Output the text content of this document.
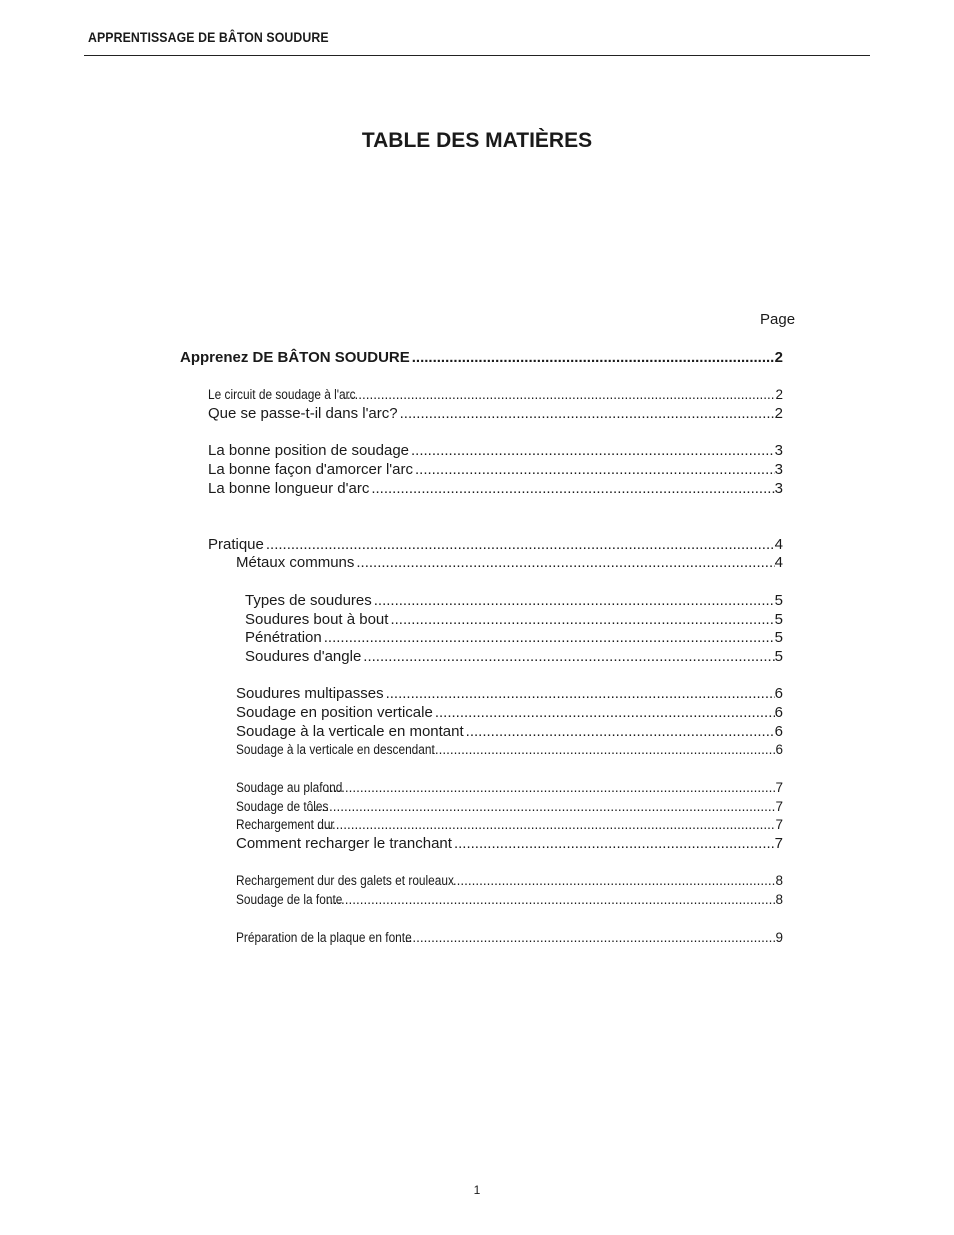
APPRENTISSAGE DE BÂTON SOUDURE
TABLE DES MATIÈRES
Page
Apprenez DE BÂTON SOUDURE .....	2
Le circuit de soudage à l'arc .....	2
Que se passe-t-il dans l'arc? .....	2
La bonne position de soudage .....	3
La bonne façon d'amorcer l'arc .....	3
La bonne longueur d'arc .....	3
Pratique .....	4
Métaux communs .....	4
Types de soudures .....	5
Soudures bout à bout .....	5
Pénétration .....	5
Soudures d'angle .....	5
Soudures multipasses .....	6
Soudage en position verticale .....	6
Soudage à la verticale en montant .....	6
Soudage à la verticale en descendant .....	6
Soudage au plafond .....	7
Soudage de tôles .....	7
Rechargement dur .....	7
Comment recharger le tranchant .....	7
Rechargement dur des galets et rouleaux .....	8
Soudage de la fonte .....	8
Préparation de la plaque en fonte .....	9
1
